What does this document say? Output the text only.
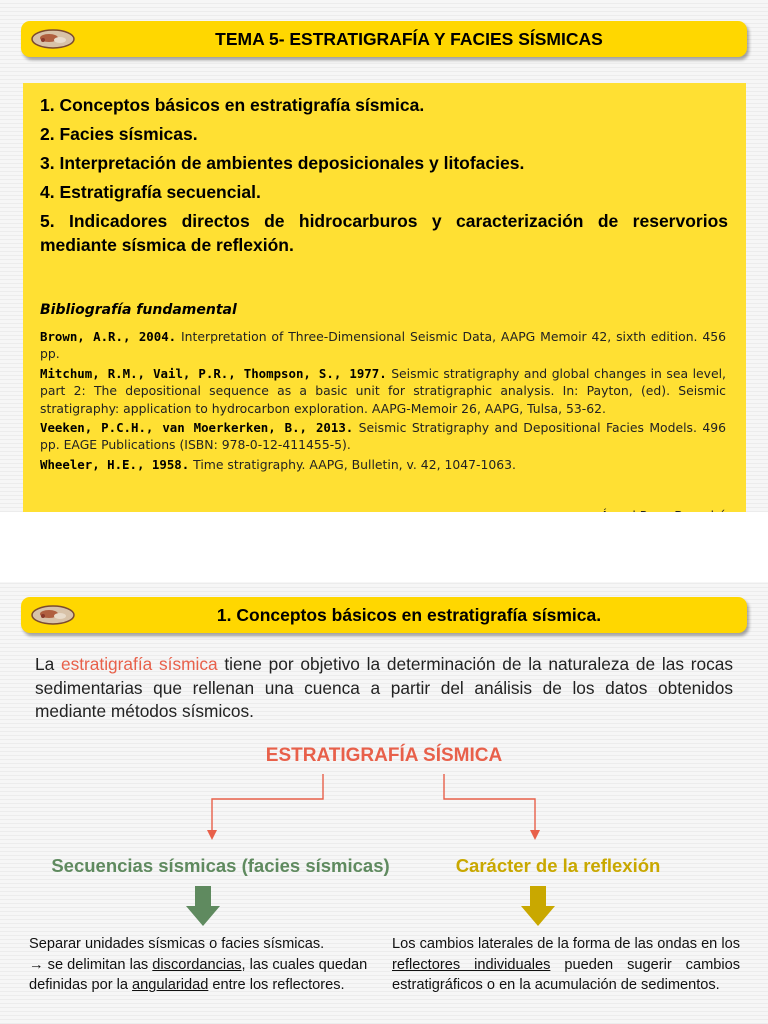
TEMA 5- ESTRATIGRAFÍA Y FACIES SÍSMICAS
1. Conceptos básicos en estratigrafía sísmica.
2. Facies sísmicas.
3. Interpretación de ambientes deposicionales y litofacies.
4. Estratigrafía secuencial.
5. Indicadores directos de hidrocarburos y caracterización de reservorios mediante sísmica de reflexión.
Bibliografía fundamental

Brown, A.R., 2004. Interpretation of Three-Dimensional Seismic Data, AAPG Memoir 42, sixth edition. 456 pp.

Mitchum, R.M., Vail, P.R., Thompson, S., 1977. Seismic stratigraphy and global changes in sea level, part 2: The depositional sequence as a basic unit for stratigraphic analysis. In: Payton, (ed). Seismic stratigraphy: application to hydrocarbon exploration. AAPG-Memoir 26, AAPG, Tulsa, 53-62.

Veeken, P.C.H., van Moerkerken, B., 2013. Seismic Stratigraphy and Depositional Facies Models. 496 pp. EAGE Publications (ISBN: 978-0-12-411455-5).

Wheeler, H.E., 1958. Time stratigraphy. AAPG, Bulletin, v. 42, 1047-1063.

1. Conceptos básicos en estratigrafía sísmica.
La estratigrafía sísmica tiene por objetivo la determinación de la naturaleza de las rocas sedimentarias que rellenan una cuenca a partir del análisis de los datos obtenidos mediante métodos sísmicos.
ESTRATIGRAFÍA SÍSMICA
Secuencias sísmicas (facies sísmicas)	Carácter de la reflexión
Separar unidades sísmicas o facies sísmicas.
→ se delimitan las discordancias, las cuales quedan definidas por la angularidad entre los reflectores.
Los cambios laterales de la forma de las ondas en los reflectores individuales pueden sugerir cambios estratigráficos o en la acumulación de sedimentos.
